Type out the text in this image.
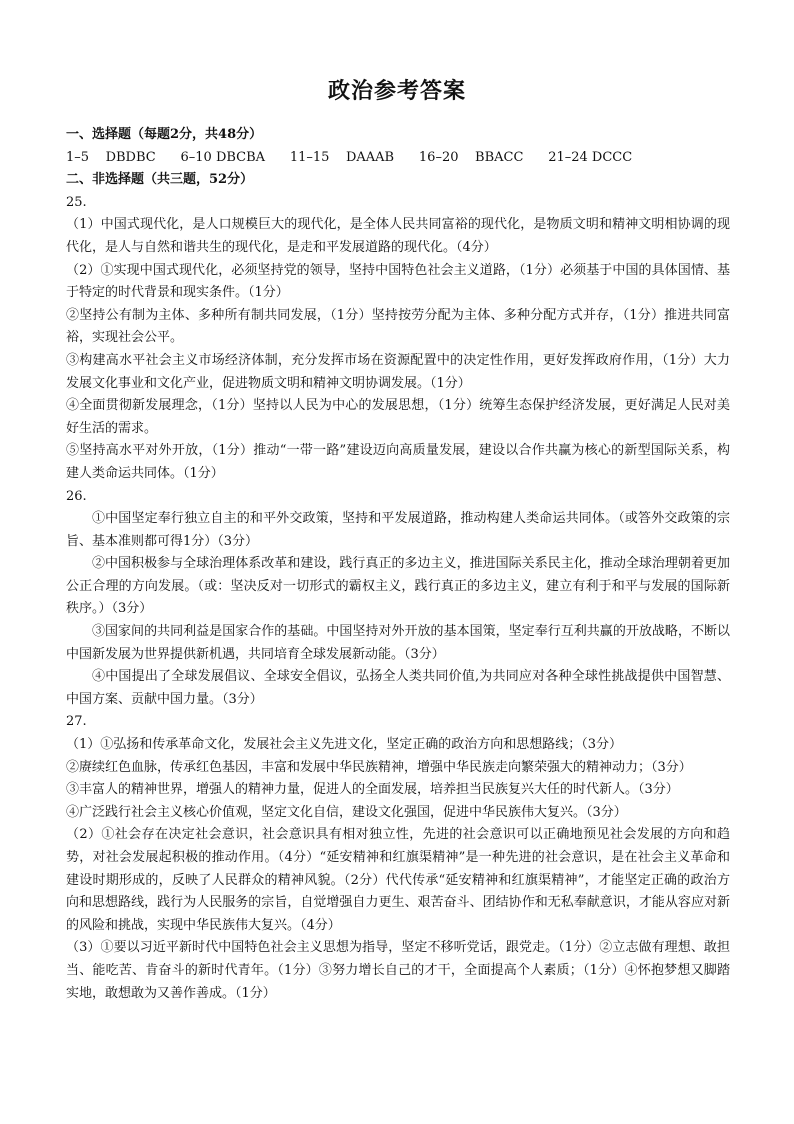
政治参考答案

一、选择题（每题2分，共48分）

1–5    DBDBC      6–10 DBCBA      11–15    DAAAB      16–20    BBACC      21–24 DCCC

二、非选择题（共三题，52分）

25.

（1）中国式现代化，是人口规模巨大的现代化，是全体人民共同富裕的现代化，是物质文明和精神文明相协调的现代化，是人与自然和谐共生的现代化，是走和平发展道路的现代化。（4分）

（2）①实现中国式现代化，必须坚持党的领导，坚持中国特色社会主义道路，（1分）必须基于中国的具体国情、基于特定的时代背景和现实条件。（1分）

②坚持公有制为主体、多种所有制共同发展，（1分）坚持按劳分配为主体、多种分配方式并存，（1分）推进共同富裕，实现社会公平。

③构建高水平社会主义市场经济体制，充分发挥市场在资源配置中的决定性作用，更好发挥政府作用，（1分）大力发展文化事业和文化产业，促进物质文明和精神文明协调发展。（1分）

④全面贯彻新发展理念，（1分）坚持以人民为中心的发展思想，（1分）统筹生态保护经济发展，更好满足人民对美好生活的需求。

⑤坚持高水平对外开放，（1分）推动“一带一路”建设迈向高质量发展，建设以合作共赢为核心的新型国际关系，构建人类命运共同体。（1分）

26.

①中国坚定奉行独立自主的和平外交政策，坚持和平发展道路，推动构建人类命运共同体。（或答外交政策的宗旨、基本准则都可得1分）（3分）

②中国积极参与全球治理体系改革和建设，践行真正的多边主义，推进国际关系民主化，推动全球治理朝着更加公正合理的方向发展。（或：坚决反对一切形式的霸权主义，践行真正的多边主义，建立有利于和平与发展的国际新秩序。）（3分）

③国家间的共同利益是国家合作的基础。中国坚持对外开放的基本国策，坚定奉行互利共赢的开放战略，不断以中国新发展为世界提供新机遇，共同培育全球发展新动能。（3分）

④中国提出了全球发展倡议、全球安全倡议，弘扬全人类共同价值,为共同应对各种全球性挑战提供中国智慧、中国方案、贡献中国力量。（3分）

27.

（1）①弘扬和传承革命文化，发展社会主义先进文化，坚定正确的政治方向和思想路线；（3分）

②赓续红色血脉，传承红色基因，丰富和发展中华民族精神，增强中华民族走向繁荣强大的精神动力；（3分）

③丰富人的精神世界，增强人的精神力量，促进人的全面发展，培养担当民族复兴大任的时代新人。（3分）

④广泛践行社会主义核心价值观，坚定文化自信，建设文化强国，促进中华民族伟大复兴。（3分）

（2）①社会存在决定社会意识，社会意识具有相对独立性，先进的社会意识可以正确地预见社会发展的方向和趋势，对社会发展起积极的推动作用。（4分）“延安精神和红旗渠精神”是一种先进的社会意识，是在社会主义革命和建设时期形成的，反映了人民群众的精神风貌。（2分）代代传承“延安精神和红旗渠精神”，才能坚定正确的政治方向和思想路线，践行为人民服务的宗旨，自觉增强自力更生、艰苦奋斗、团结协作和无私奉献意识，才能从容应对新的风险和挑战，实现中华民族伟大复兴。（4分）

（3）①要以习近平新时代中国特色社会主义思想为指导，坚定不移听党话，跟党走。（1分）②立志做有理想、敢担当、能吃苦、肯奋斗的新时代青年。（1分）③努力增长自己的才干，全面提高个人素质；（1分）④怀抱梦想又脚踏实地，敢想敢为又善作善成。（1分）
